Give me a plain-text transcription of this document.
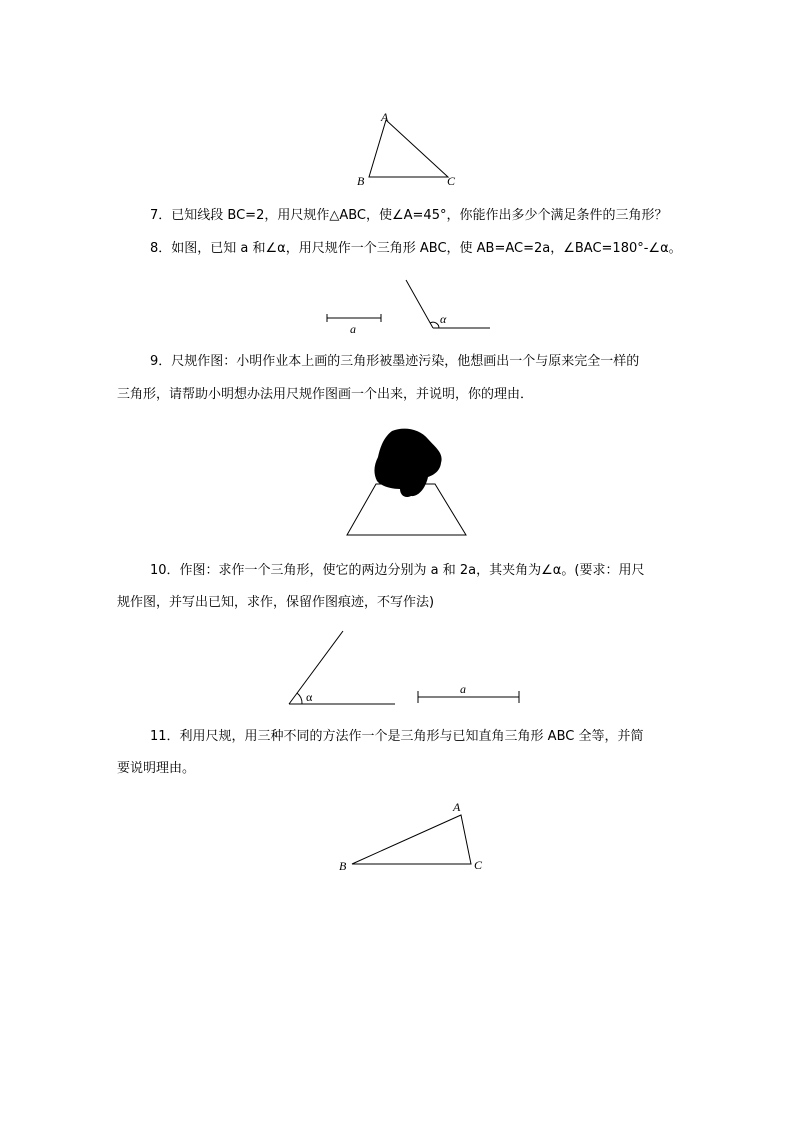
A
B	C
7．已知线段 BC=2，用尺规作△ABC，使∠A=45°，你能作出多少个满足条件的三角形？
8．如图，已知 a 和∠α，用尺规作一个三角形 ABC，使 AB=AC=2a，∠BAC=180°-∠α。
a
α
9．尺规作图：小明作业本上画的三角形被墨迹污染，他想画出一个与原来完全一样的
三角形，请帮助小明想办法用尺规作图画一个出来，并说明，你的理由．
10．作图：求作一个三角形，使它的两边分别为 a 和 2a，其夹角为∠α。(要求：用尺
规作图，并写出已知，求作，保留作图痕迹，不写作法)
α
a
11．利用尺规，用三种不同的方法作一个是三角形与已知直角三角形 ABC 全等，并简
要说明理由。
A
B	C
